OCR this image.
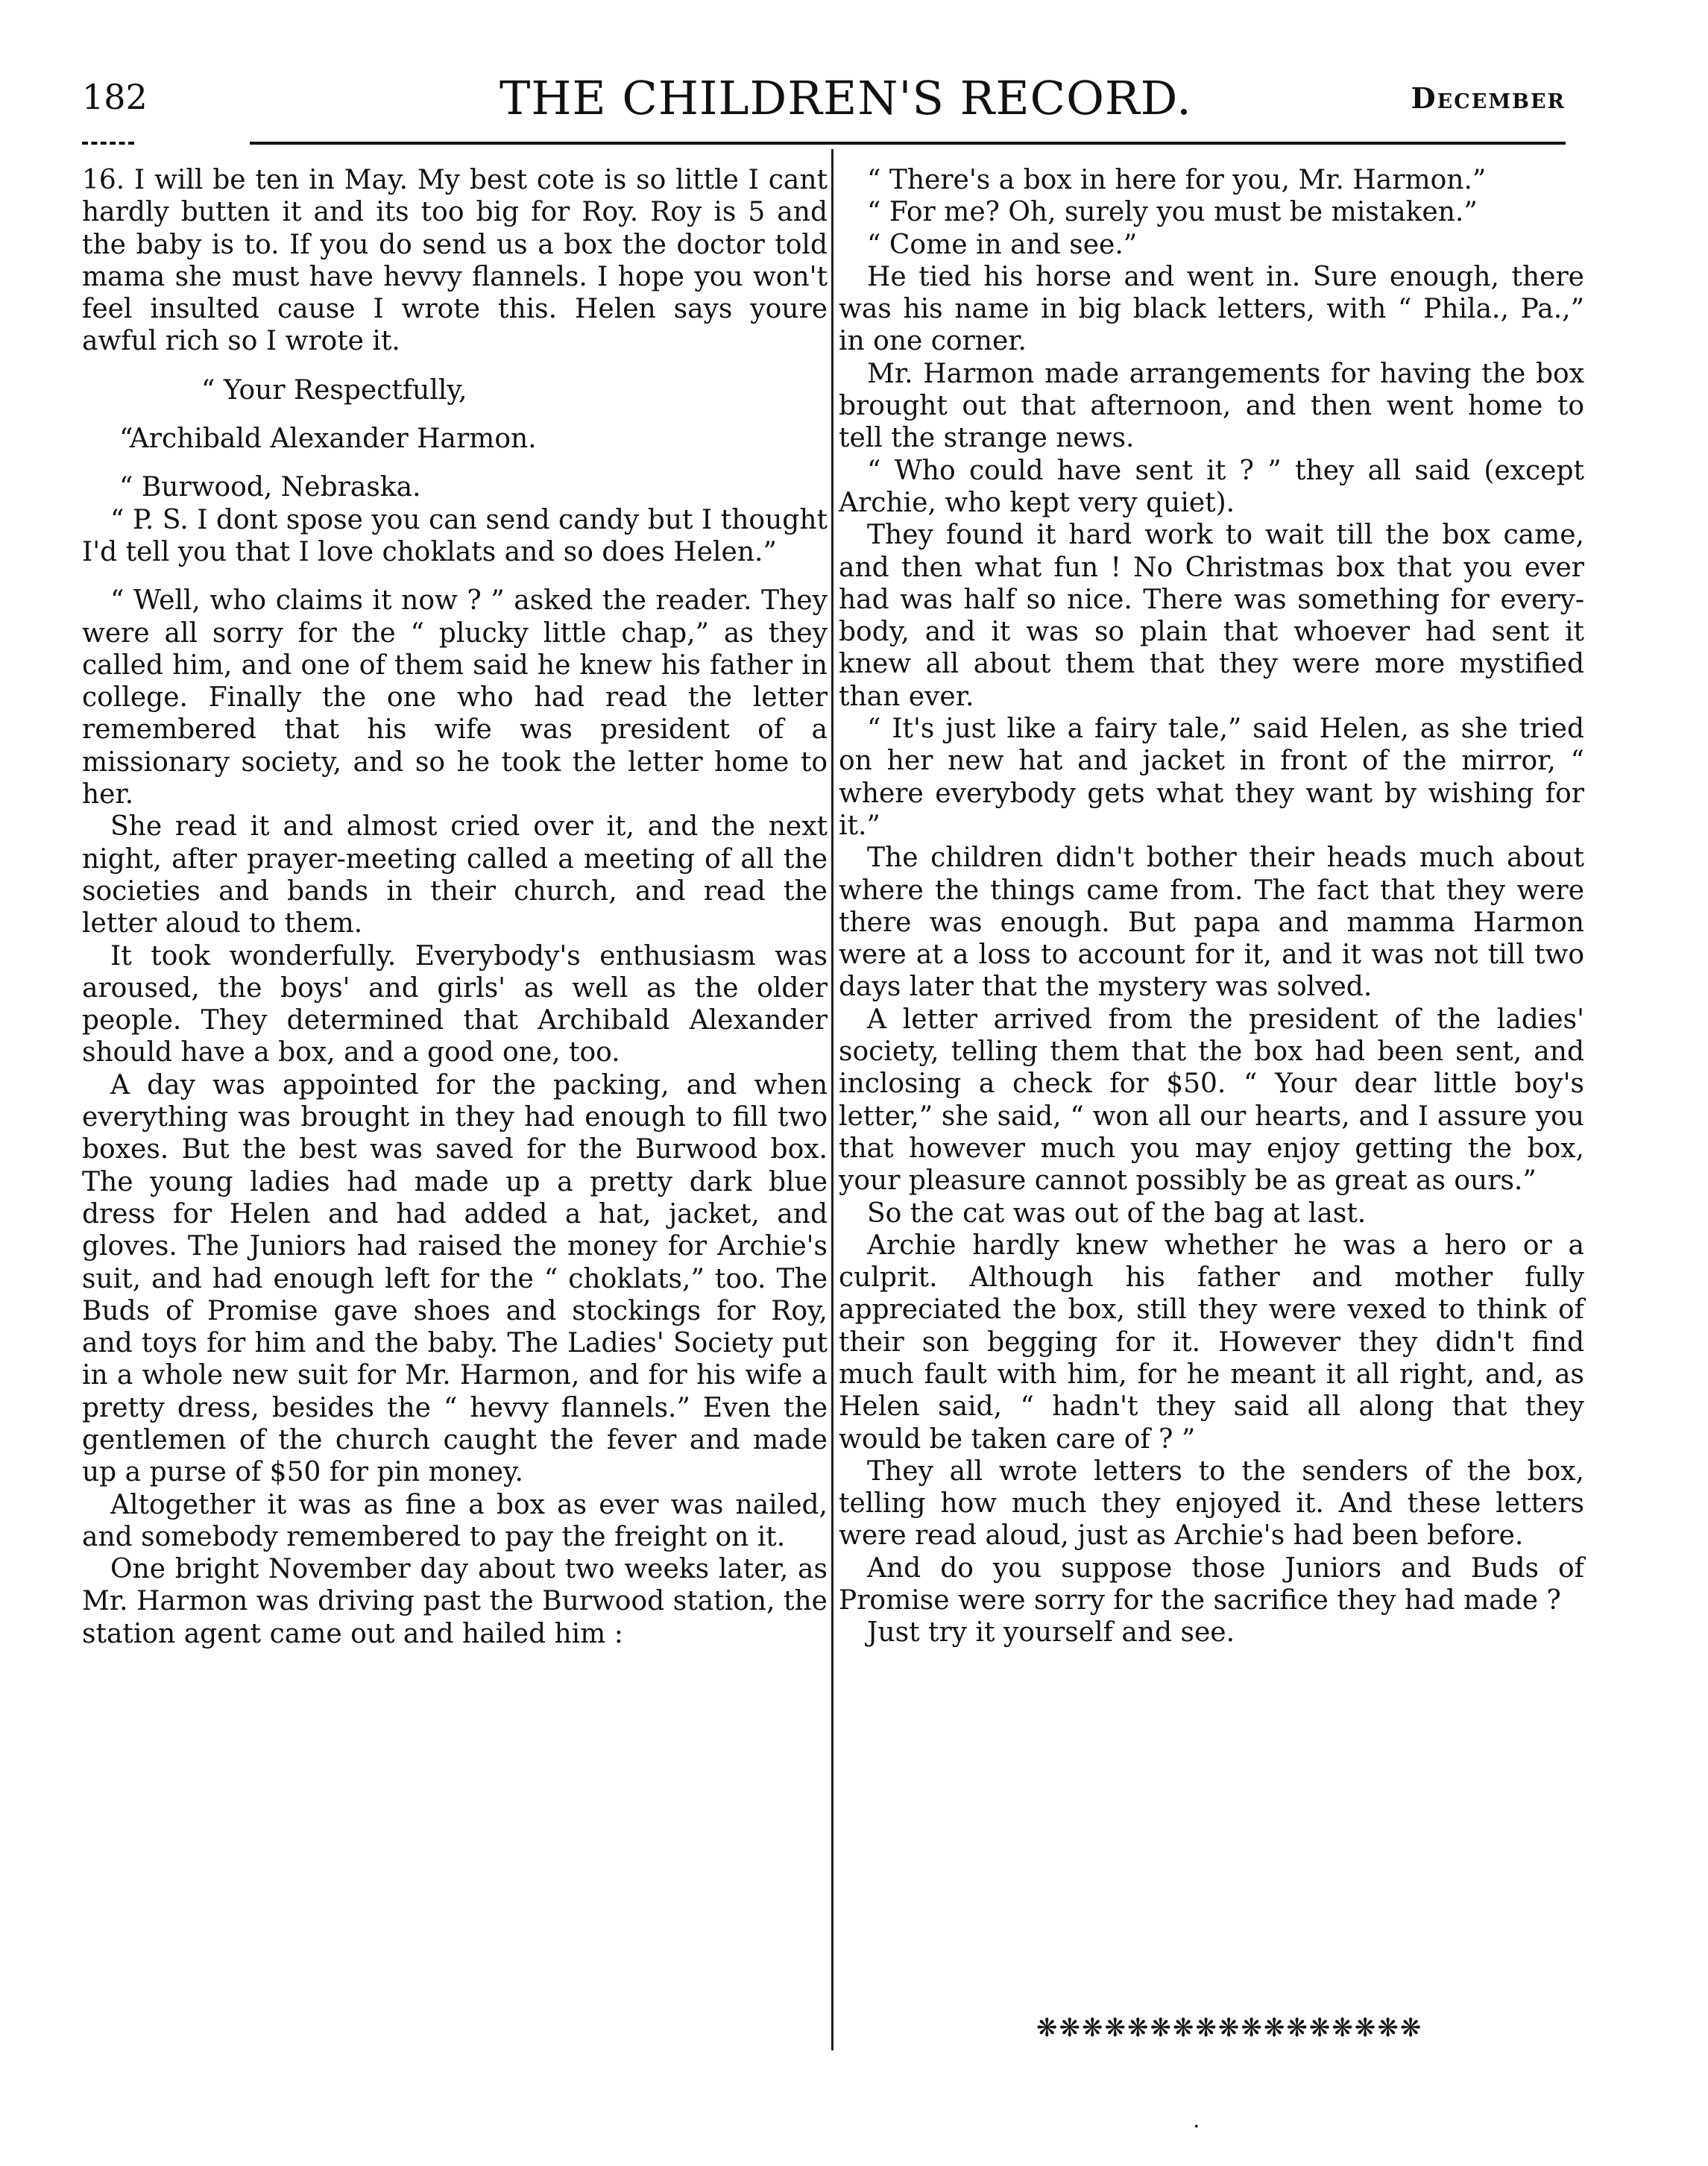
182	THE CHILDREN'S RECORD.	December

16. I will be ten in May. My best cote is so little I cant hardly butten it and its too big for Roy. Roy is 5 and the baby is to. If you do send us a box the doctor told mama she must have hevvy flannels. I hope you won't feel insulted cause I wrote this. Helen says youre awful rich so I wrote it.

“ Your Respectfully,

“Archibald Alexander Harmon.

“ Burwood, Nebraska.

“ P. S. I dont spose you can send candy but I thought I'd tell you that I love choklats and so does Helen.”

“ Well, who claims it now ? ” asked the reader. They were all sorry for the “ plucky little chap,” as they called him, and one of them said he knew his father in college. Finally the one who had read the letter remembered that his wife was president of a missionary society, and so he took the letter home to her.

She read it and almost cried over it, and the next night, after prayer-meeting called a meeting of all the societies and bands in their church, and read the letter aloud to them.

It took wonderfully. Everybody's enthusiasm was aroused, the boys' and girls' as well as the older people. They determined that Archibald Alexander should have a box, and a good one, too.

A day was appointed for the packing, and when everything was brought in they had enough to fill two boxes. But the best was saved for the Burwood box. The young ladies had made up a pretty dark blue dress for Helen and had added a hat, jacket, and gloves. The Juniors had raised the money for Archie's suit, and had enough left for the “ choklats,” too. The Buds of Promise gave shoes and stockings for Roy, and toys for him and the baby. The Ladies' Society put in a whole new suit for Mr. Harmon, and for his wife a pretty dress, besides the “ hevvy flannels.” Even the gentlemen of the church caught the fever and made up a purse of $50 for pin money.

Altogether it was as fine a box as ever was nailed, and somebody remembered to pay the freight on it.

One bright November day about two weeks later, as Mr. Harmon was driving past the Burwood station, the station agent came out and hailed him :

“ There's a box in here for you, Mr. Harmon.”

“ For me? Oh, surely you must be mistaken.”

“ Come in and see.”

He tied his horse and went in. Sure enough, there was his name in big black letters, with “ Phila., Pa.,” in one corner.

Mr. Harmon made arrangements for having the box brought out that afternoon, and then went home to tell the strange news.

“ Who could have sent it ? ” they all said (except Archie, who kept very quiet).

They found it hard work to wait till the box came, and then what fun ! No Christmas box that you ever had was half so nice. There was something for every-body, and it was so plain that whoever had sent it knew all about them that they were more mystified than ever.

“ It's just like a fairy tale,” said Helen, as she tried on her new hat and jacket in front of the mirror, “ where everybody gets what they want by wishing for it.”

The children didn't bother their heads much about where the things came from. The fact that they were there was enough. But papa and mamma Harmon were at a loss to account for it, and it was not till two days later that the mystery was solved.

A letter arrived from the president of the ladies' society, telling them that the box had been sent, and inclosing a check for $50. “ Your dear little boy's letter,” she said, “ won all our hearts, and I assure you that however much you may enjoy getting the box, your pleasure cannot possibly be as great as ours.”

So the cat was out of the bag at last.

Archie hardly knew whether he was a hero or a culprit. Although his father and mother fully appreciated the box, still they were vexed to think of their son begging for it. However they didn't find much fault with him, for he meant it all right, and, as Helen said, “ hadn't they said all along that they would be taken care of ? ”

They all wrote letters to the senders of the box, telling how much they enjoyed it. And these letters were read aloud, just as Archie's had been before.

And do you suppose those Juniors and Buds of Promise were sorry for the sacrifice they had made ?

Just try it yourself and see.

❋❋❋❋❋❋❋❋❋❋❋❋❋❋❋❋❋
·
